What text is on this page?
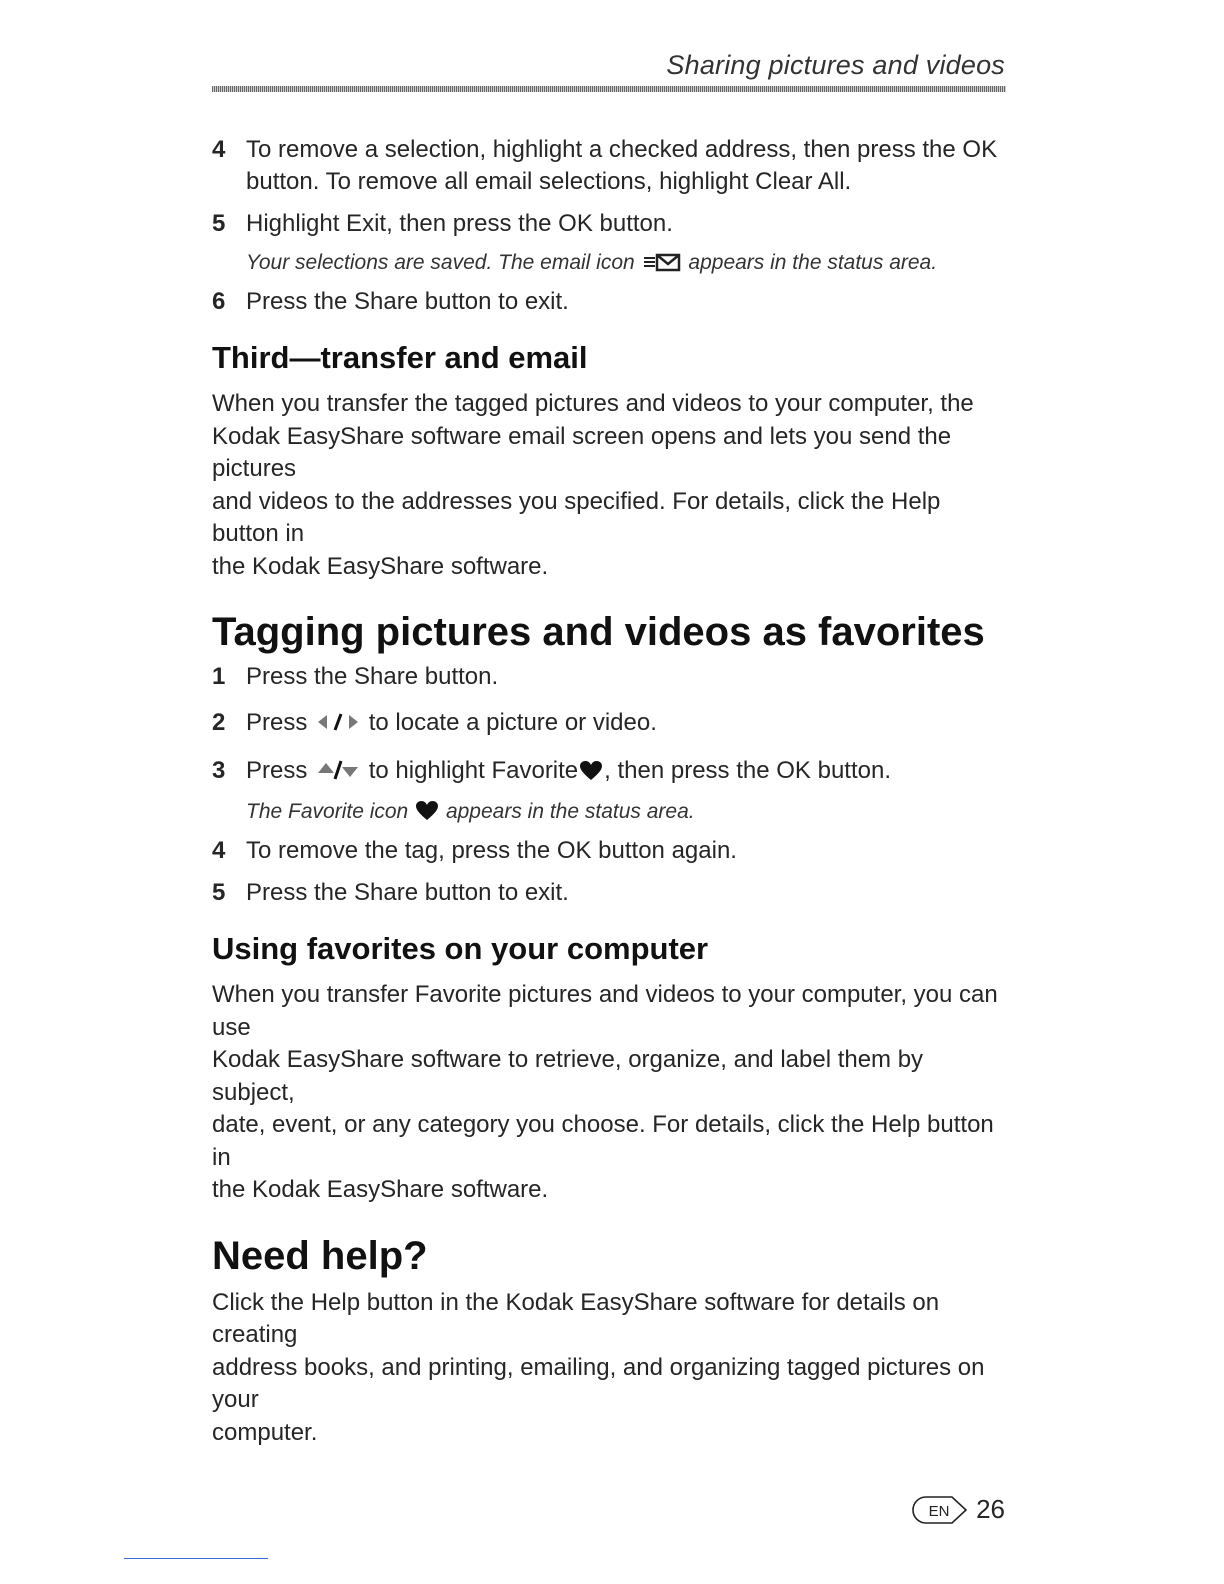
Sharing pictures and videos
4 To remove a selection, highlight a checked address, then press the OK
button. To remove all email selections, highlight Clear All.
5 Highlight Exit, then press the OK button.
Your selections are saved. The email icon	appears in the status area.
6 Press the Share button to exit.
Third—transfer and email
When you transfer the tagged pictures and videos to your computer, the
Kodak EasyShare software email screen opens and lets you send the pictures
and videos to the addresses you specified. For details, click the Help button in
the Kodak EasyShare software.
Tagging pictures and videos as favorites
1 Press the Share button.
2 Press	to locate a picture or video.
3 Press	to highlight Favorite , then press the OK button.
The Favorite icon appears in the status area.
4 To remove the tag, press the OK button again.
5 Press the Share button to exit.
Using favorites on your computer
When you transfer Favorite pictures and videos to your computer, you can use
Kodak EasyShare software to retrieve, organize, and label them by subject,
date, event, or any category you choose. For details, click the Help button in
the Kodak EasyShare software.
Need help?
Click the Help button in the Kodak EasyShare software for details on creating
address books, and printing, emailing, and organizing tagged pictures on your
computer.
EN 26
